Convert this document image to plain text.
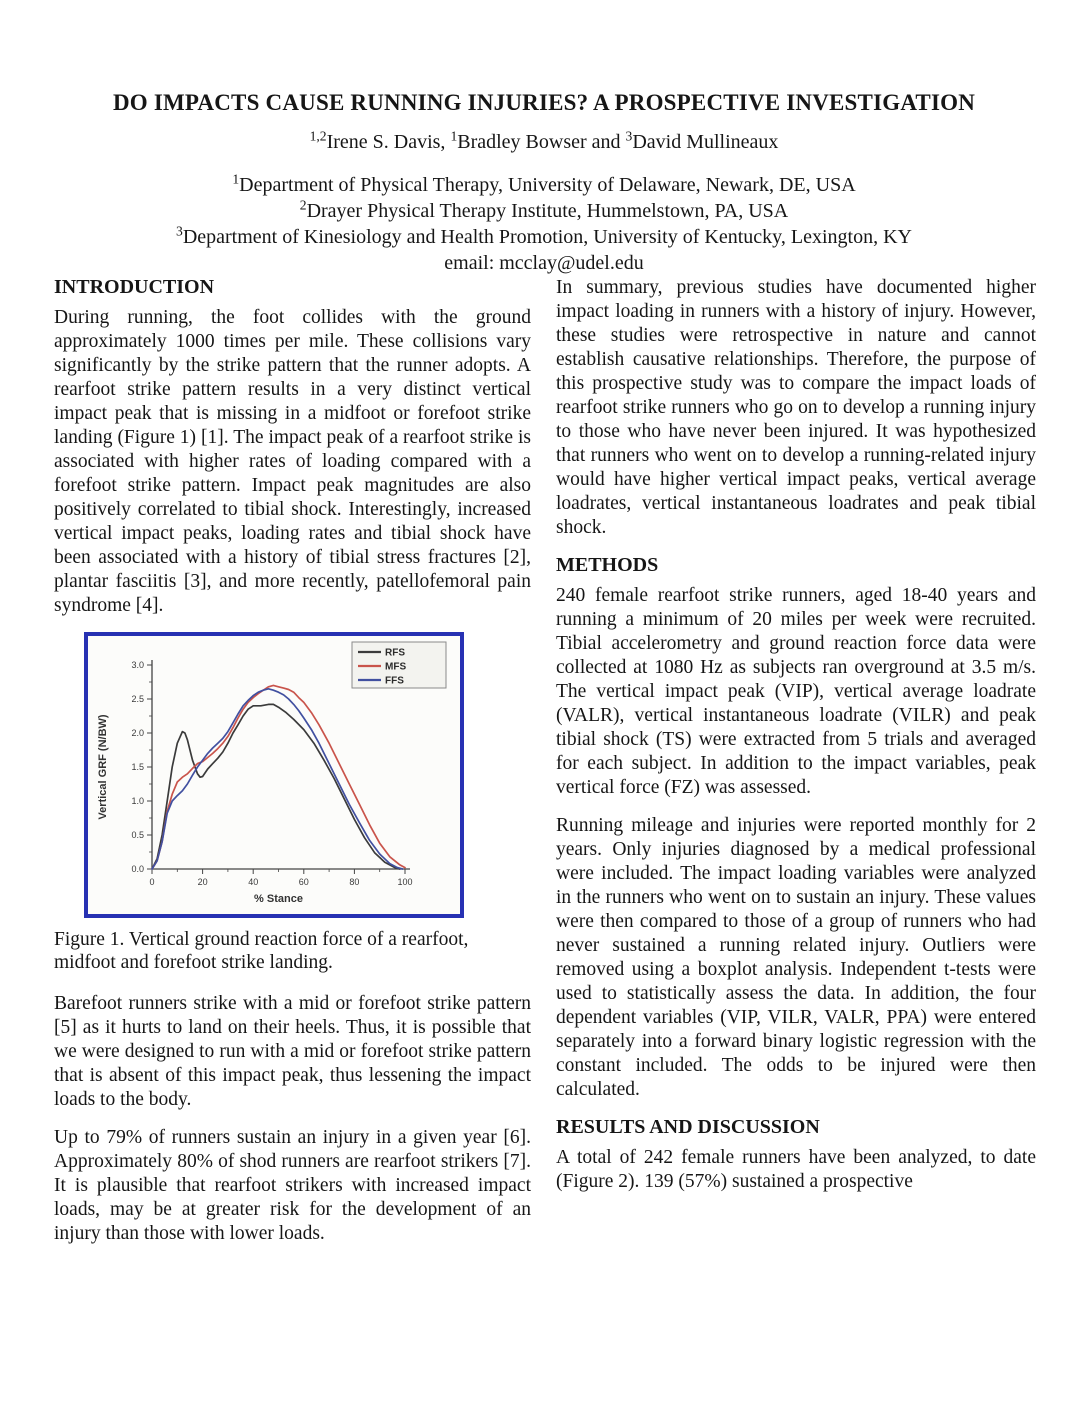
DO IMPACTS CAUSE RUNNING INJURIES? A PROSPECTIVE INVESTIGATION

$^{1,2}$Irene S. Davis, $^1$Bradley Bowser and $^3$David Mullineaux

$^1$Department of Physical Therapy, University of Delaware, Newark, DE, USA

$^2$Drayer Physical Therapy Institute, Hummelstown, PA, USA

$^3$Department of Kinesiology and Health Promotion, University of Kentucky, Lexington, KY

email: mcclay@udel.edu

INTRODUCTION

During running, the foot collides with the ground approximately 1000 times per mile. These collisions vary significantly by the strike pattern that the runner adopts. A rearfoot strike pattern results in a very distinct vertical impact peak that is missing in a midfoot or forefoot strike landing (Figure 1) [1]. The impact peak of a rearfoot strike is associated with higher rates of loading compared with a forefoot strike pattern. Impact peak magnitudes are also positively correlated to tibial shock. Interestingly, increased vertical impact peaks, loading rates and tibial shock have been associated with a history of tibial stress fractures [2], plantar fasciitis [3], and more recently, patellofemoral pain syndrome [4].

0.0
0.5
1.0
1.5
2.0
2.5
3.0
0	20	40	60	80	100
% Stance
Vertical GRF (N/BW)
RFS
MFS
FFS

Figure 1. Vertical ground reaction force of a rearfoot, midfoot and forefoot strike landing.

Barefoot runners strike with a mid or forefoot strike pattern [5] as it hurts to land on their heels. Thus, it is possible that we were designed to run with a mid or forefoot strike pattern that is absent of this impact peak, thus lessening the impact loads to the body.

Up to 79% of runners sustain an injury in a given year [6]. Approximately 80% of shod runners are rearfoot strikers [7]. It is plausible that rearfoot strikers with increased impact loads, may be at greater risk for the development of an injury than those with lower loads.

In summary, previous studies have documented higher impact loading in runners with a history of injury. However, these studies were retrospective in nature and cannot establish causative relationships. Therefore, the purpose of this prospective study was to compare the impact loads of rearfoot strike runners who go on to develop a running injury to those who have never been injured. It was hypothesized that runners who went on to develop a running-related injury would have higher vertical impact peaks, vertical average loadrates, vertical instantaneous loadrates and peak tibial shock.

METHODS

240 female rearfoot strike runners, aged 18-40 years and running a minimum of 20 miles per week were recruited. Tibial accelerometry and ground reaction force data were collected at 1080 Hz as subjects ran overground at 3.5 m/s. The vertical impact peak (VIP), vertical average loadrate (VALR), vertical instantaneous loadrate (VILR) and peak tibial shock (TS) were extracted from 5 trials and averaged for each subject. In addition to the impact variables, peak vertical force (FZ) was assessed.

Running mileage and injuries were reported monthly for 2 years. Only injuries diagnosed by a medical professional were included. The impact loading variables were analyzed in the runners who went on to sustain an injury. These values were then compared to those of a group of runners who had never sustained a running related injury. Outliers were removed using a boxplot analysis. Independent t-tests were used to statistically assess the data. In addition, the four dependent variables (VIP, VILR, VALR, PPA) were entered separately into a forward binary logistic regression with the constant included. The odds to be injured were then calculated.

RESULTS AND DISCUSSION

A total of 242 female runners have been analyzed, to date (Figure 2). 139 (57%) sustained a prospective
